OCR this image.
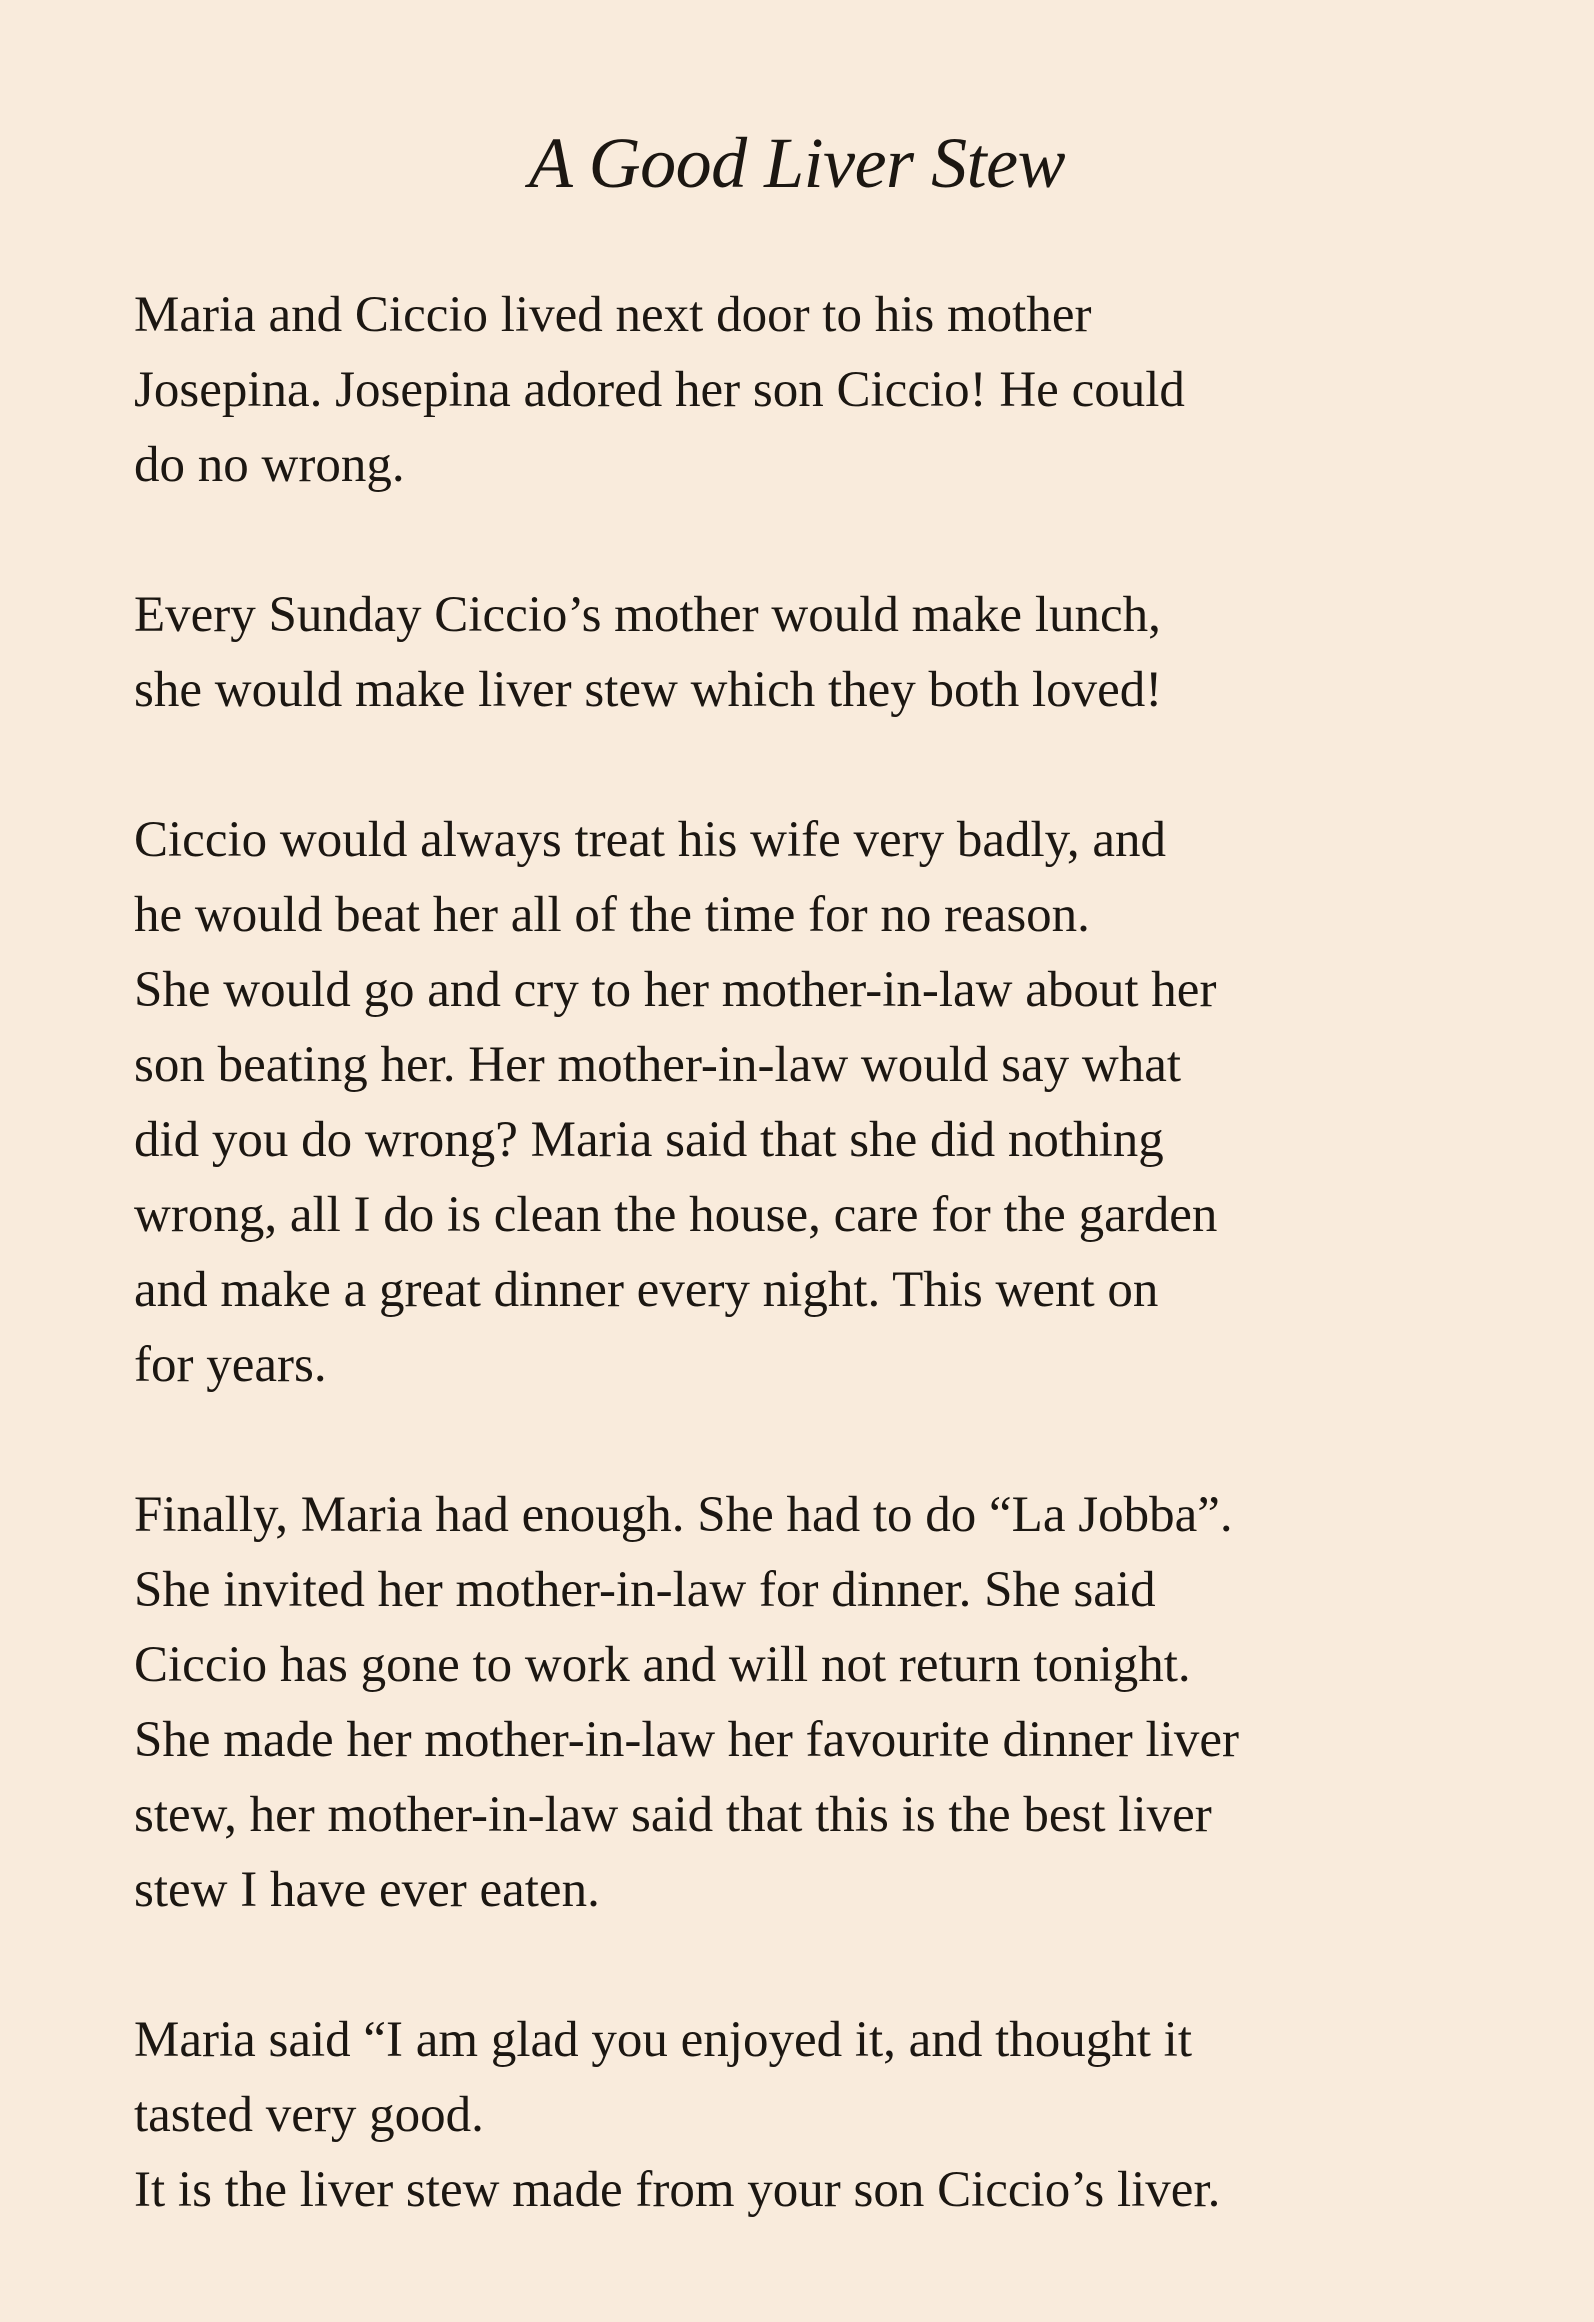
A Good Liver Stew

Maria and Ciccio lived next door to his mother
Josepina. Josepina adored her son Ciccio! He could
do no wrong.

Every Sunday Ciccio’s mother would make lunch,
she would make liver stew which they both loved!

Ciccio would always treat his wife very badly, and
he would beat her all of the time for no reason.
She would go and cry to her mother-in-law about her
son beating her. Her mother-in-law would say what
did you do wrong? Maria said that she did nothing
wrong, all I do is clean the house, care for the garden
and make a great dinner every night. This went on
for years.

Finally, Maria had enough. She had to do “La Jobba”.
She invited her mother-in-law for dinner. She said
Ciccio has gone to work and will not return tonight.
She made her mother-in-law her favourite dinner liver
stew, her mother-in-law said that this is the best liver
stew I have ever eaten.

Maria said “I am glad you enjoyed it, and thought it
tasted very good.
It is the liver stew made from your son Ciccio’s liver.
